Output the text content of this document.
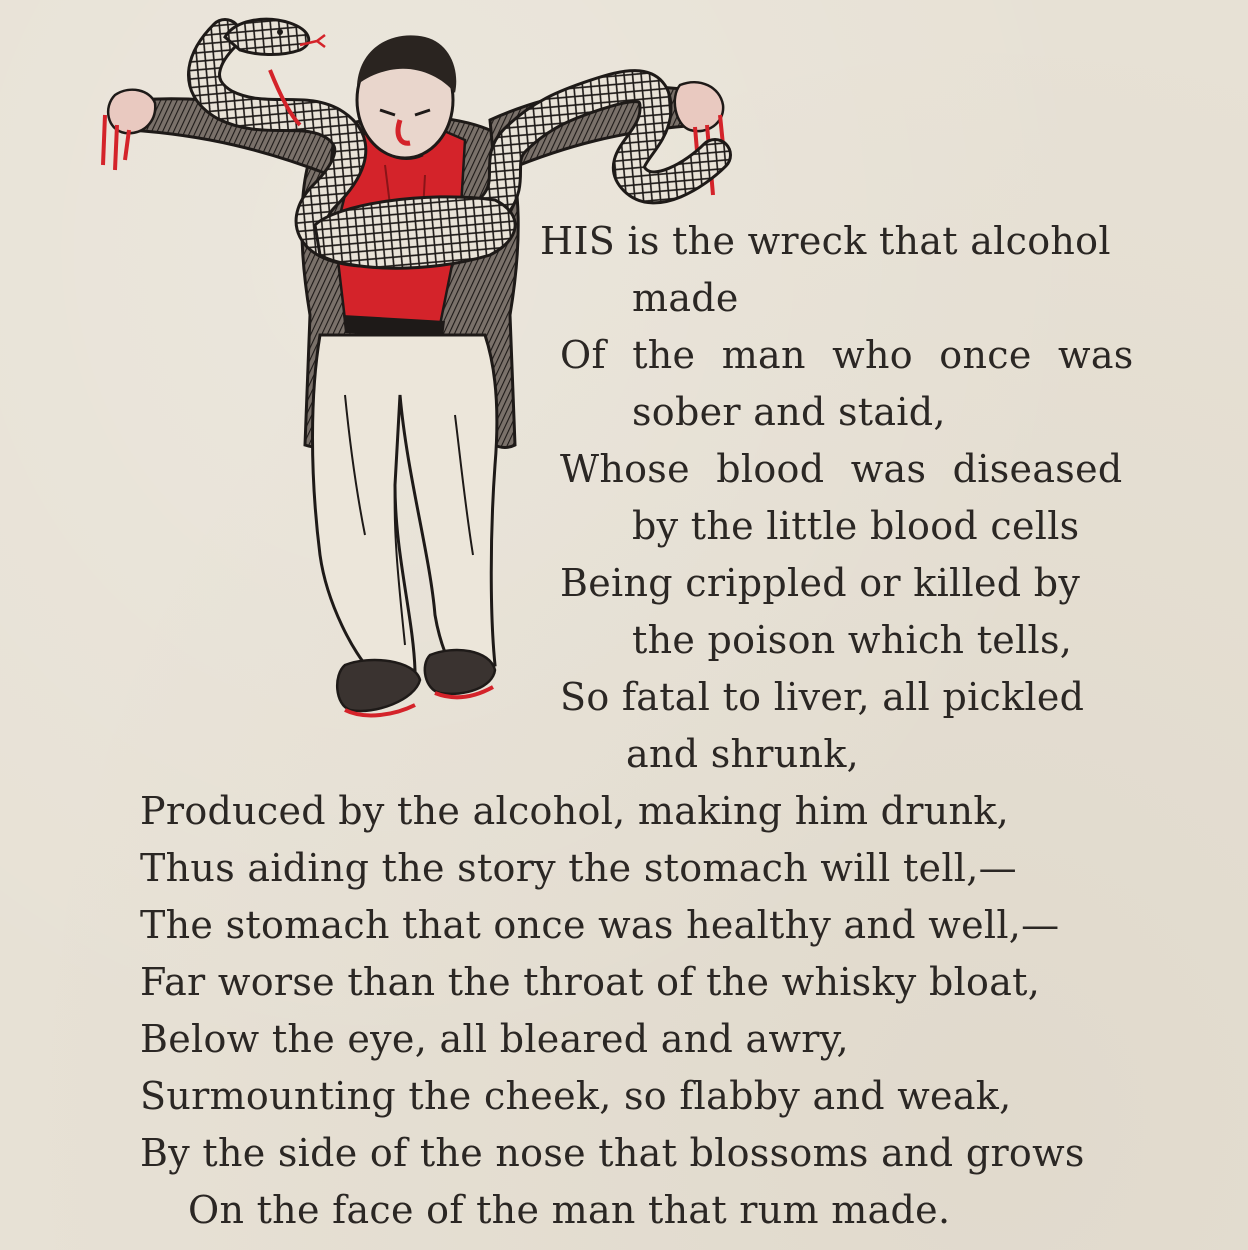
HIS is the wreck that alcohol
made
Of the man who once was
sober and staid,
Whose blood was diseased
by the little blood cells
Being crippled or killed by
the poison which tells,
So fatal to liver, all pickled
and shrunk,
Produced by the alcohol, making him drunk,
Thus aiding the story the stomach will tell,—
The stomach that once was healthy and well,—
Far worse than the throat of the whisky bloat,
Below the eye, all bleared and awry,
Surmounting the cheek, so flabby and weak,
By the side of the nose that blossoms and grows
On the face of the man that rum made.
